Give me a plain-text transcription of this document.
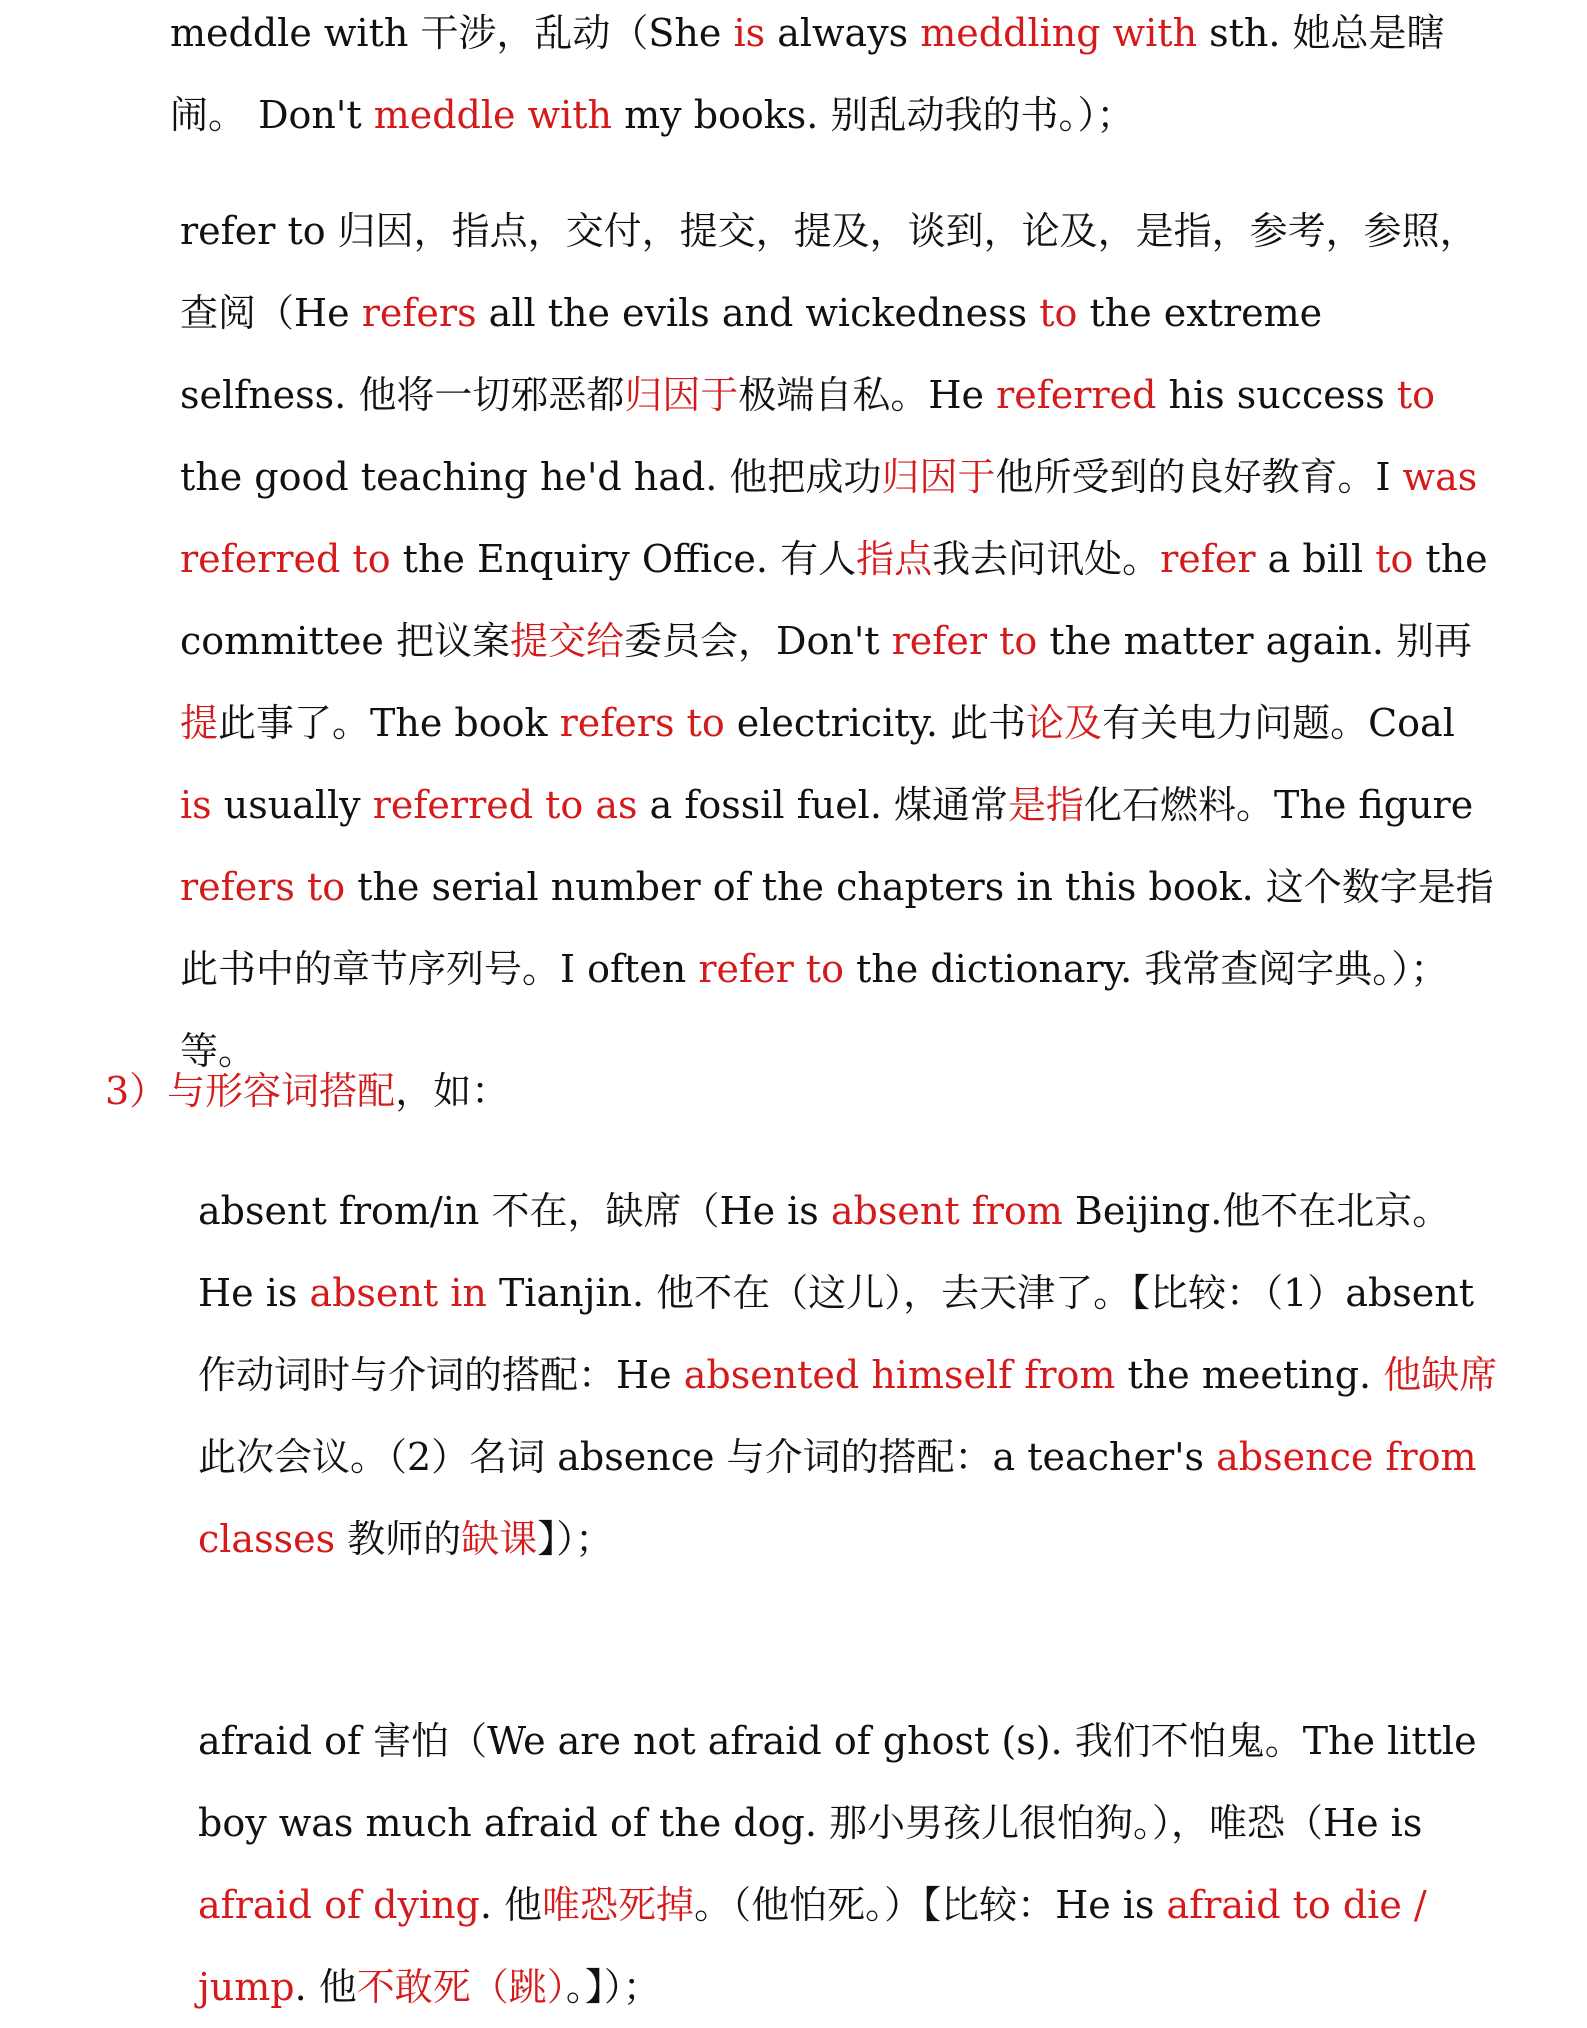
meddle with 干涉，乱动（She is always meddling with sth. 她总是瞎闹。 Don't meddle with my books. 别乱动我的书。）；

refer to 归因，指点，交付，提交，提及，谈到，论及，是指，参考，参照，查阅（He refers all the evils and wickedness to the extreme selfness. 他将一切邪恶都归因于极端自私。He referred his success to the good teaching he'd had. 他把成功归因于他所受到的良好教育。I was referred to the Enquiry Office. 有人指点我去问讯处。refer a bill to the committee 把议案提交给委员会，Don't refer to the matter again. 别再提此事了。The book refers to electricity. 此书论及有关电力问题。Coal is usually referred to as a fossil fuel. 煤通常是指化石燃料。The figure refers to the serial number of the chapters in this book. 这个数字是指此书中的章节序列号。I often refer to the dictionary. 我常查阅字典。）； 等。

3）与形容词搭配，如：

absent from/in 不在，缺席（He is absent from Beijing.他不在北京。He is absent in Tianjin. 他不在（这儿），去天津了。【比较：（1）absent 作动词时与介词的搭配：He absented himself from the meeting. 他缺席此次会议。（2）名词 absence 与介词的搭配：a teacher's absence from classes 教师的缺课】）；

afraid of 害怕（We are not afraid of ghost (s). 我们不怕鬼。The little boy was much afraid of the dog. 那小男孩儿很怕狗。），唯恐（He is afraid of dying. 他唯恐死掉。（他怕死。）【比较：He is afraid to die / jump. 他不敢死（跳）。】）；
